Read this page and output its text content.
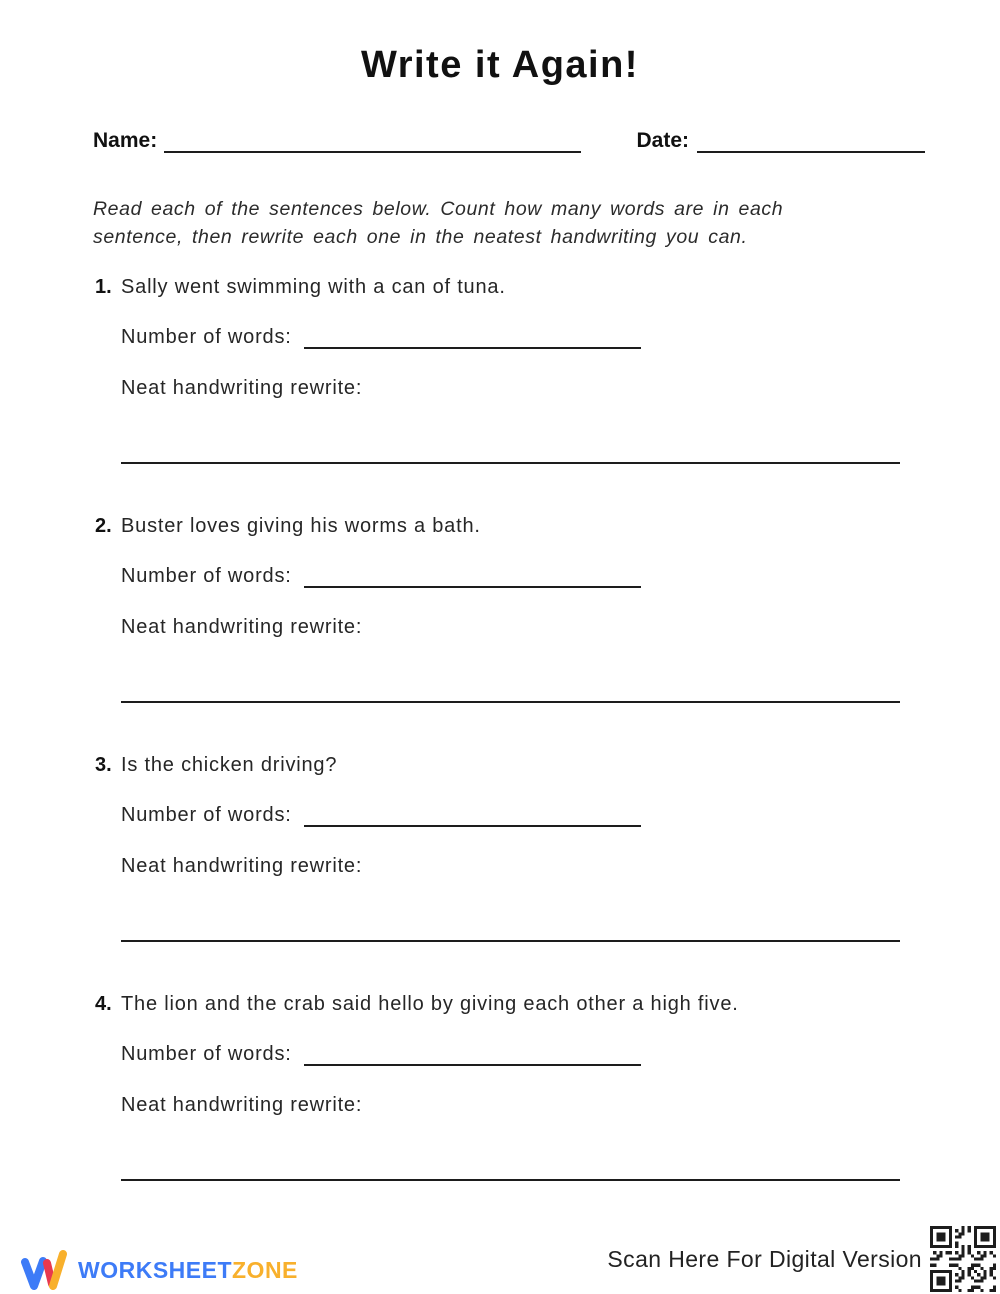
Write it Again!
Name:	Date:
Read each of the sentences below. Count how many words are in each
sentence, then rewrite each one in the neatest handwriting you can.
1. Sally went swimming with a can of tuna.
Number of words:
Neat handwriting rewrite:
2. Buster loves giving his worms a bath.
Number of words:
Neat handwriting rewrite:
3. Is the chicken driving?
Number of words:
Neat handwriting rewrite:
4. The lion and the crab said hello by giving each other a high five.
Number of words:
Neat handwriting rewrite:
WORKSHEETZONE	Scan Here For Digital Version
